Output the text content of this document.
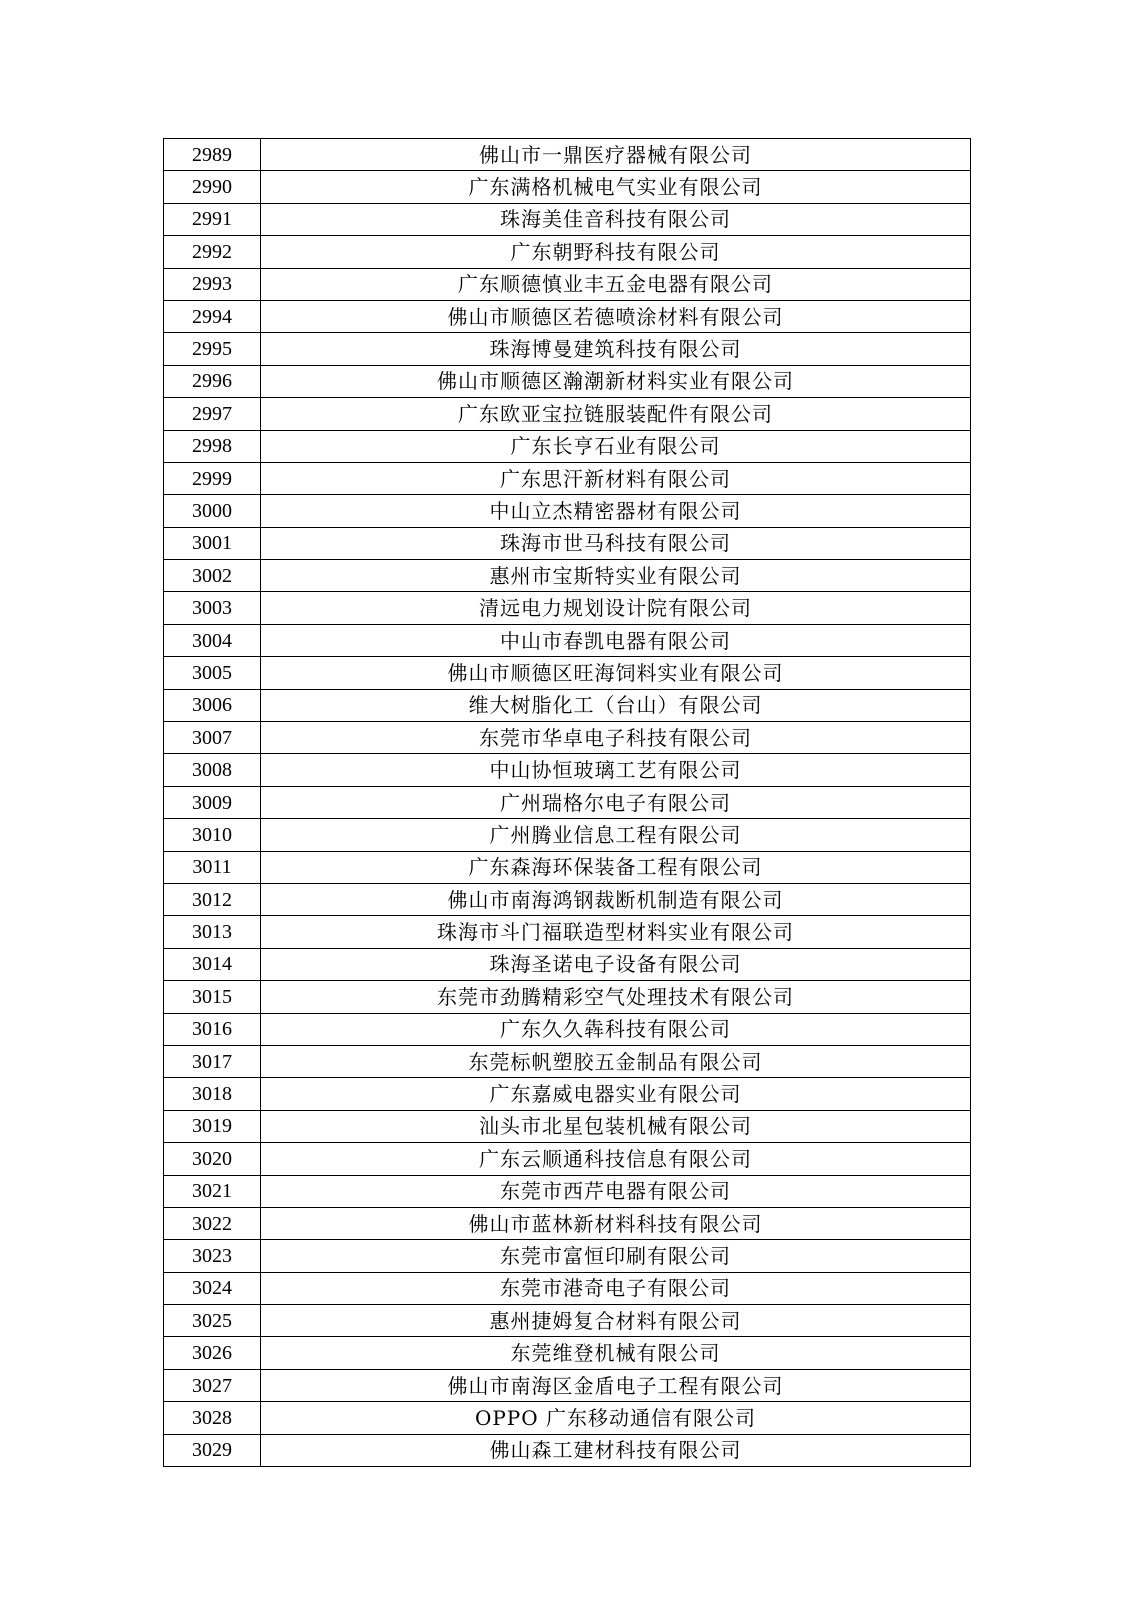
2989	佛山市一鼎医疗器械有限公司
2990	广东满格机械电气实业有限公司
2991	珠海美佳音科技有限公司
2992	广东朝野科技有限公司
2993	广东顺德慎业丰五金电器有限公司
2994	佛山市顺德区若德喷涂材料有限公司
2995	珠海博曼建筑科技有限公司
2996	佛山市顺德区瀚潮新材料实业有限公司
2997	广东欧亚宝拉链服装配件有限公司
2998	广东长亨石业有限公司
2999	广东思汗新材料有限公司
3000	中山立杰精密器材有限公司
3001	珠海市世马科技有限公司
3002	惠州市宝斯特实业有限公司
3003	清远电力规划设计院有限公司
3004	中山市春凯电器有限公司
3005	佛山市顺德区旺海饲料实业有限公司
3006	维大树脂化工（台山）有限公司
3007	东莞市华卓电子科技有限公司
3008	中山协恒玻璃工艺有限公司
3009	广州瑞格尔电子有限公司
3010	广州腾业信息工程有限公司
3011	广东森海环保装备工程有限公司
3012	佛山市南海鸿钢裁断机制造有限公司
3013	珠海市斗门福联造型材料实业有限公司
3014	珠海圣诺电子设备有限公司
3015	东莞市劲腾精彩空气处理技术有限公司
3016	广东久久犇科技有限公司
3017	东莞标帆塑胶五金制品有限公司
3018	广东嘉威电器实业有限公司
3019	汕头市北星包装机械有限公司
3020	广东云顺通科技信息有限公司
3021	东莞市西芹电器有限公司
3022	佛山市蓝林新材料科技有限公司
3023	东莞市富恒印刷有限公司
3024	东莞市港奇电子有限公司
3025	惠州捷姆复合材料有限公司
3026	东莞维登机械有限公司
3027	佛山市南海区金盾电子工程有限公司
3028	OPPO 广东移动通信有限公司
3029	佛山森工建材科技有限公司
